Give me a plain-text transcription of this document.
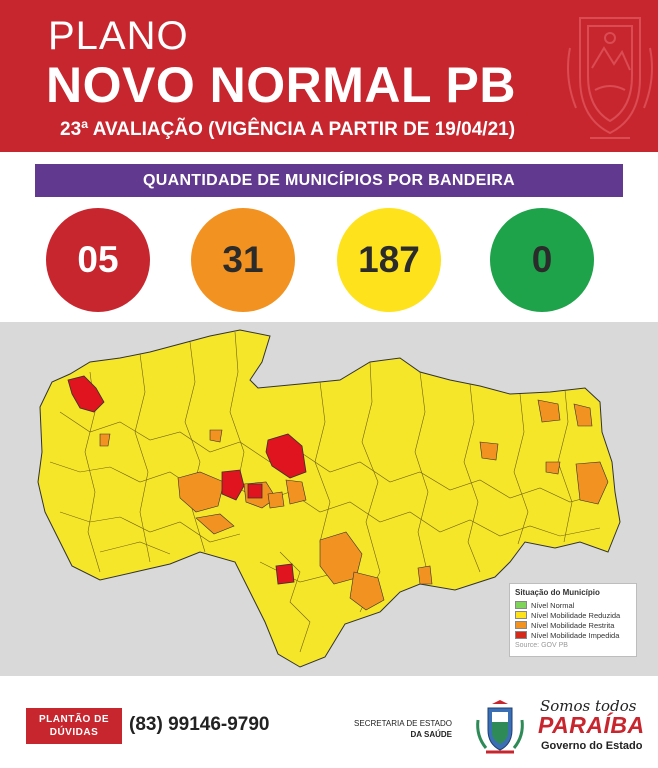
PLANO
NOVO NORMAL PB
23ª AVALIAÇÃO (VIGÊNCIA A PARTIR DE 19/04/21)
QUANTIDADE DE MUNICÍPIOS POR BANDEIRA
05	31	187	0
Situação do Município
Nível Normal
Nível Mobilidade Reduzida
Nível Mobilidade Restrita
Nível Mobilidade Impedida
Source: GOV PB
PLANTÃO DE
DÚVIDAS (83) 99146-9790	SECRETARIA DE ESTADO
DA SAÚDE
Somos todos
PARAÍBA
Governo do Estado
